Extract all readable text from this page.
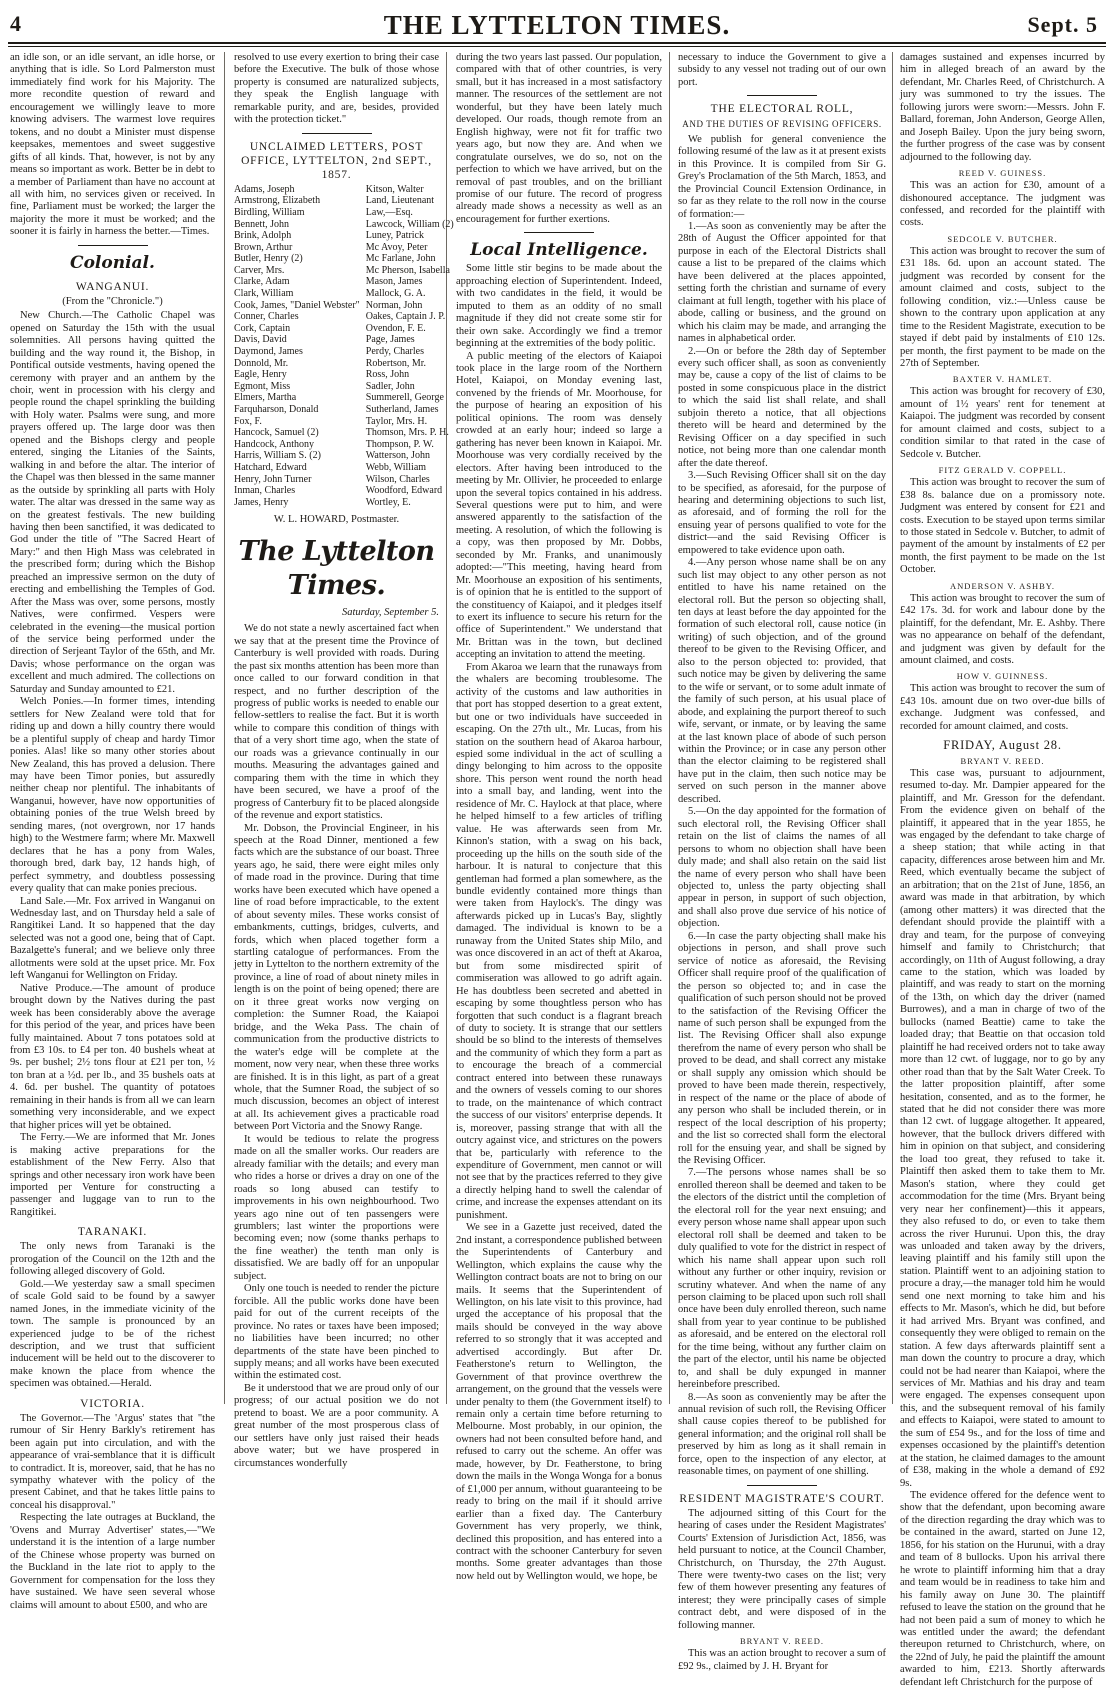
4	THE LYTTELTON TIMES.	Sept. 5

an idle son, or an idle servant, an idle horse, or anything that is idle. So Lord Palmerston must immediately find work for his Majority. The more recondite question of reward and encouragement we willingly leave to more knowing advisers. The warmest love requires tokens, and no doubt a Minister must dispense keepsakes, mementoes and sweet suggestive gifts of all kinds. That, however, is not by any means so important as work. Better be in debt to a member of Parliament than have no account at all with him, no services given or received. In fine, Parliament must be worked; the larger the majority the more it must be worked; and the sooner it is fairly in harness the better.—Times.

Colonial.
WANGANUI.
(From the "Chronicle.")

New Church.—The Catholic Chapel was opened on Saturday the 15th with the usual solemnities. All persons having quitted the building and the way round it, the Bishop, in Pontifical outside vestments, having opened the ceremony with prayer and an anthem by the choir, went in procession with his clergy and people round the chapel sprinkling the building with Holy water. Psalms were sung, and more prayers offered up. The large door was then opened and the Bishops clergy and people entered, singing the Litanies of the Saints, walking in and before the altar. The interior of the Chapel was then blessed in the same manner as the outside by sprinkling all parts with Holy water. The altar was dressed in the same way as on the greatest festivals. The new building having then been sanctified, it was dedicated to God under the title of "The Sacred Heart of Mary:" and then High Mass was celebrated in the prescribed form; during which the Bishop preached an impressive sermon on the duty of erecting and embellishing the Temples of God. After the Mass was over, some persons, mostly Natives, were confirmed. Vespers were celebrated in the evening—the musical portion of the service being performed under the direction of Serjeant Taylor of the 65th, and Mr. Davis; whose performance on the organ was excellent and much admired. The collections on Saturday and Sunday amounted to £21.

Welch Ponies.—In former times, intending settlers for New Zealand were told that for riding up and down a hilly country there would be a plentiful supply of cheap and hardy Timor ponies. Alas! like so many other stories about New Zealand, this has proved a delusion. There may have been Timor ponies, but assuredly neither cheap nor plentiful. The inhabitants of Wanganui, however, have now opportunities of obtaining ponies of the true Welsh breed by sending mares, (not overgrown, nor 17 hands high) to the Westmere farm; where Mr. Maxwell declares that he has a pony from Wales, thorough bred, dark bay, 12 hands high, of perfect symmetry, and doubtless possessing every quality that can make ponies precious.

Land Sale.—Mr. Fox arrived in Wanganui on Wednesday last, and on Thursday held a sale of Rangitikei Land. It so happened that the day selected was not a good one, being that of Capt. Bazalgette's funeral; and we believe only three allotments were sold at the upset price. Mr. Fox left Wanganui for Wellington on Friday.

Native Produce.—The amount of produce brought down by the Natives during the past week has been considerably above the average for this period of the year, and prices have been fully maintained. About 7 tons potatoes sold at from £3 10s. to £4 per ton. 40 bushels wheat at 9s. per bushel; 2½ tons flour at £21 per ton, ½ ton bran at a ½d. per lb., and 35 bushels oats at 4. 6d. per bushel. The quantity of potatoes remaining in their hands is from all we can learn something very inconsiderable, and we expect that higher prices will yet be obtained.

The Ferry.—We are informed that Mr. Jones is making active preparations for the establishment of the New Ferry. Also that springs and other necessary iron work have been imported per Venture for constructing a passenger and luggage van to run to the Rangitikei.

TARANAKI.

The only news from Taranaki is the prorogation of the Council on the 12th and the following alleged discovery of Gold.

Gold.—We yesterday saw a small specimen of scale Gold said to be found by a sawyer named Jones, in the immediate vicinity of the town. The sample is pronounced by an experienced judge to be of the richest description, and we trust that sufficient inducement will be held out to the discoverer to make known the place from whence the specimen was obtained.—Herald.

VICTORIA.

The Governor.—The 'Argus' states that "the rumour of Sir Henry Barkly's retirement has been again put into circulation, and with the appearance of vrai-semblance that it is difficult to contradict. It is, moreover, said, that he has no sympathy whatever with the policy of the present Cabinet, and that he takes little pains to conceal his disapproval."

Respecting the late outrages at Buckland, the 'Ovens and Murray Advertiser' states,—"We understand it is the intention of a large number of the Chinese whose property was burned on the Buckland in the late riot to apply to the Government for compensation for the loss they have sustained. We have seen several whose claims will amount to about £500, and who are

resolved to use every exertion to bring their case before the Executive. The bulk of those whose property is consumed are naturalized subjects, they speak the English language with remarkable purity, and are, besides, provided with the protection ticket."

UNCLAIMED LETTERS, POST OFFICE, LYTTELTON, 2nd SEPT., 1857.
Adams, Joseph	Kitson, Walter
Armstrong, Elizabeth	Land, Lieutenant
Birdling, William	Law,—Esq.
Bennett, John	Lawcock, William (2)
Brink, Adolph	Luney, Patrick
Brown, Arthur	Mc Avoy, Peter
Butler, Henry (2)	Mc Farlane, John
Carver, Mrs.	Mc Pherson, Isabella
Clarke, Adam	Mason, James
Clark, William	Mallock, G. A.
Cook, James, "Daniel Webster" Norman, John
Conner, Charles	Oakes, Captain J. P.
Cork, Captain	Ovendon, F. E.
Davis, David	Page, James
Daymond, James	Perdy, Charles
Donnold, Mr.	Robertson, Mr.
Eagle, Henry	Ross, John
Egmont, Miss	Sadler, John
Elmers, Martha	Summerell, George
Farquharson, Donald	Sutherland, James
Fox, F.	Taylor, Mrs. H.
Hancock, Samuel (2)	Thomson, Mrs. P. H.
Handcock, Anthony	Thompson, P. W.
Harris, William S. (2)	Watterson, John
Hatchard, Edward	Webb, William
Henry, John Turner	Wilson, Charles
Inman, Charles	Woodford, Edward
James, Henry	Wortley, E.
W. L. HOWARD, Postmaster.
The Lyttelton Times.
Saturday, September 5.

We do not state a newly ascertained fact when we say that at the present time the Province of Canterbury is well provided with roads. During the past six months attention has been more than once called to our forward condition in that respect, and no further description of the progress of public works is needed to enable our fellow-settlers to realise the fact. But it is worth while to compare this condition of things with that of a very short time ago, when the state of our roads was a grievance continually in our mouths. Measuring the advantages gained and comparing them with the time in which they have been secured, we have a proof of the progress of Canterbury fit to be placed alongside of the revenue and export statistics.

Mr. Dobson, the Provincial Engineer, in his speech at the Road Dinner, mentioned a few facts which are the substance of our boast. Three years ago, he said, there were eight miles only of made road in the province. During that time works have been executed which have opened a line of road before impracticable, to the extent of about seventy miles. These works consist of embankments, cuttings, bridges, culverts, and fords, which when placed together form a startling catalogue of performances. From the jetty in Lyttelton to the northern extremity of the province, a line of road of about ninety miles in length is on the point of being opened; there are on it three great works now verging on completion: the Sumner Road, the Kaiapoi bridge, and the Weka Pass. The chain of communication from the productive districts to the water's edge will be complete at the moment, now very near, when these three works are finished. It is in this light, as part of a great whole, that the Sumner Road, the subject of so much discussion, becomes an object of interest at all. Its achievement gives a practicable road between Port Victoria and the Snowy Range.

It would be tedious to relate the progress made on all the smaller works. Our readers are already familiar with the details; and every man who rides a horse or drives a dray on one of the roads so long abused can testify to improvements in his own neighbourhood. Two years ago nine out of ten passengers were grumblers; last winter the proportions were becoming even; now (some thanks perhaps to the fine weather) the tenth man only is dissatisfied. We are badly off for an unpopular subject.

Only one touch is needed to render the picture forcible. All the public works done have been paid for out of the current receipts of the province. No rates or taxes have been imposed; no liabilities have been incurred; no other departments of the state have been pinched to supply means; and all works have been executed within the estimated cost.

Be it understood that we are proud only of our progress; of our actual position we do not pretend to boast. We are a poor community. A great number of the most prosperous class of our settlers have only just raised their heads above water; but we have prospered in circumstances wonderfully

during the two years last passed. Our population, compared with that of other countries, is very small, but it has increased in a most satisfactory manner. The resources of the settlement are not wonderful, but they have been lately much developed. Our roads, though remote from an English highway, were not fit for traffic two years ago, but now they are. And when we congratulate ourselves, we do so, not on the perfection to which we have arrived, but on the removal of past troubles, and on the brilliant promise of our future. The record of progress already made shows a necessity as well as an encouragement for further exertions.

Local Intelligence.

Some little stir begins to be made about the approaching election of Superintendent. Indeed, with two candidates in the field, it would be imputed to them as an oddity of no small magnitude if they did not create some stir for their own sake. Accordingly we find a tremor beginning at the extremities of the body politic.

A public meeting of the electors of Kaiapoi took place in the large room of the Northern Hotel, Kaiapoi, on Monday evening last, convened by the friends of Mr. Moorhouse, for the purpose of hearing an exposition of his political opinions. The room was densely crowded at an early hour; indeed so large a gathering has never been known in Kaiapoi. Mr. Moorhouse was very cordially received by the electors. After having been introduced to the meeting by Mr. Ollivier, he proceeded to enlarge upon the several topics contained in his address. Several questions were put to him, and were answered apparently to the satisfaction of the meeting. A resolution, of which the following is a copy, was then proposed by Mr. Dobbs, seconded by Mr. Franks, and unanimously adopted:—"This meeting, having heard from Mr. Moorhouse an exposition of his sentiments, is of opinion that he is entitled to the support of the constituency of Kaiapoi, and it pledges itself to exert its influence to secure his return for the office of Superintendent." We understand that Mr. Brittan was in the town, but declined accepting an invitation to attend the meeting.

From Akaroa we learn that the runaways from the whalers are becoming troublesome. The activity of the customs and law authorities in that port has stopped desertion to a great extent, but one or two individuals have succeeded in escaping. On the 27th ult., Mr. Lucas, from his station on the southern head of Akaroa harbour, espied some individual in the act of sculling a dingy belonging to him across to the opposite shore. This person went round the north head into a small bay, and landing, went into the residence of Mr. C. Haylock at that place, where he helped himself to a few articles of trifling value. He was afterwards seen from Mr. Kinnon's station, with a swag on his back, proceeding up the hills on the south side of the harbour. It is natural to conjecture that this gentleman had formed a plan somewhere, as the bundle evidently contained more things than were taken from Haylock's. The dingy was afterwards picked up in Lucas's Bay, slightly damaged. The individual is known to be a runaway from the United States ship Milo, and was once discovered in an act of theft at Akaroa, but from some misdirected spirit of commiseration was allowed to go adrift again. He has doubtless been secreted and abetted in escaping by some thoughtless person who has forgotten that such conduct is a flagrant breach of duty to society. It is strange that our settlers should be so blind to the interests of themselves and the community of which they form a part as to encourage the breach of a commercial contract entered into between these runaways and the owners of vessels coming to our shores to trade, on the maintenance of which contract the success of our visitors' enterprise depends. It is, moreover, passing strange that with all the outcry against vice, and strictures on the powers that be, particularly with reference to the expenditure of Government, men cannot or will not see that by the practices referred to they give a directly helping hand to swell the calendar of crime, and increase the expenses attendant on its punishment.

We see in a Gazette just received, dated the 2nd instant, a correspondence published between the Superintendents of Canterbury and Wellington, which explains the cause why the Wellington contract boats are not to bring on our mails. It seems that the Superintendent of Wellington, on his late visit to this province, had urged the acceptance of his proposal that the mails should be conveyed in the way above referred to so strongly that it was accepted and advertised accordingly. But after Dr. Featherstone's return to Wellington, the Government of that province overthrew the arrangement, on the ground that the vessels were under penalty to them (the Government itself) to remain only a certain time before returning to Melbourne. Most probably, in our opinion, the owners had not been consulted before hand, and refused to carry out the scheme. An offer was made, however, by Dr. Featherstone, to bring down the mails in the Wonga Wonga for a bonus of £1,000 per annum, without guaranteeing to be ready to bring on the mail if it should arrive earlier than a fixed day. The Canterbury Government has very properly, we think, declined this proposition, and has entered into a contract with the schooner Canterbury for seven months. Some greater advantages than those now held out by Wellington would, we hope, be

necessary to induce the Government to give a subsidy to any vessel not trading out of our own port.

THE ELECTORAL ROLL,
AND THE DUTIES OF REVISING OFFICERS.

We publish for general convenience the following resumé of the law as it at present exists in this Province. It is compiled from Sir G. Grey's Proclamation of the 5th March, 1853, and the Provincial Council Extension Ordinance, in so far as they relate to the roll now in the course of formation:—

1.—As soon as conveniently may be after the 28th of August the Officer appointed for that purpose in each of the Electoral Districts shall cause a list to be prepared of the claims which have been delivered at the places appointed, setting forth the christian and surname of every claimant at full length, together with his place of abode, calling or business, and the ground on which his claim may be made, and arranging the names in alphabetical order.

2.—On or before the 28th day of September every such officer shall, as soon as conveniently may be, cause a copy of the list of claims to be posted in some conspicuous place in the district to which the said list shall relate, and shall subjoin thereto a notice, that all objections thereto will be heard and determined by the Revising Officer on a day specified in such notice, not being more than one calendar month after the date thereof.

3.—Such Revising Officer shall sit on the day to be specified, as aforesaid, for the purpose of hearing and determining objections to such list, as aforesaid, and of forming the roll for the ensuing year of persons qualified to vote for the district—and the said Revising Officer is empowered to take evidence upon oath.

4.—Any person whose name shall be on any such list may object to any other person as not entitled to have his name retained on the electoral roll. But the person so objecting shall, ten days at least before the day appointed for the formation of such electoral roll, cause notice (in writing) of such objection, and of the ground thereof to be given to the Revising Officer, and also to the person objected to: provided, that such notice may be given by delivering the same to the wife or servant, or to some adult inmate of the family of such person, at his usual place of abode, and explaining the purport thereof to such wife, servant, or inmate, or by leaving the same at the last known place of abode of such person within the Province; or in case any person other than the elector claiming to be registered shall have put in the claim, then such notice may be served on such person in the manner above described.

5.—On the day appointed for the formation of such electoral roll, the Revising Officer shall retain on the list of claims the names of all persons to whom no objection shall have been duly made; and shall also retain on the said list the name of every person who shall have been objected to, unless the party objecting shall appear in person, in support of such objection, and shall also prove due service of his notice of objection.

6.—In case the party objecting shall make his objections in person, and shall prove such service of notice as aforesaid, the Revising Officer shall require proof of the qualification of the person so objected to; and in case the qualification of such person should not be proved to the satisfaction of the Revising Officer the name of such person shall be expunged from the list. The Revising Officer shall also expunge therefrom the name of every person who shall be proved to be dead, and shall correct any mistake or shall supply any omission which should be proved to have been made therein, respectively, in respect of the name or the place of abode of any person who shall be included therein, or in respect of the local description of his property; and the list so corrected shall form the electoral roll for the ensuing year, and shall be signed by the Revising Officer.

7.—The persons whose names shall be so enrolled thereon shall be deemed and taken to be the electors of the district until the completion of the electoral roll for the year next ensuing; and every person whose name shall appear upon such electoral roll shall be deemed and taken to be duly qualified to vote for the district in respect of which his name shall appear upon such roll without any further or other inquiry, revision or scrutiny whatever. And when the name of any person claiming to be placed upon such roll shall once have been duly enrolled thereon, such name shall from year to year continue to be published as aforesaid, and be entered on the electoral roll for the time being, without any further claim on the part of the elector, until his name be objected to, and shall be duly expunged in manner hereinbefore prescribed.

8.—As soon as conveniently may be after the annual revision of such roll, the Revising Officer shall cause copies thereof to be published for general information; and the original roll shall be preserved by him as long as it shall remain in force, open to the inspection of any elector, at reasonable times, on payment of one shilling.

RESIDENT MAGISTRATE'S COURT.

The adjourned sitting of this Court for the hearing of cases under the Resident Magistrates' Courts' Extension of Jurisdiction Act, 1856, was held pursuant to notice, at the Council Chamber, Christchurch, on Thursday, the 27th August. There were twenty-two cases on the list; very few of them however presenting any features of interest; they were principally cases of simple contract debt, and were disposed of in the following manner.

BRYANT V. REED.

This was an action brought to recover a sum of £92 9s., claimed by J. H. Bryant for

damages sustained and expenses incurred by him in alleged breach of an award by the defendant, Mr. Charles Reed, of Christchurch. A jury was summoned to try the issues. The following jurors were sworn:—Messrs. John F. Ballard, foreman, John Anderson, George Allen, and Joseph Bailey. Upon the jury being sworn, the further progress of the case was by consent adjourned to the following day.

REED V. GUINESS.

This was an action for £30, amount of a dishonoured acceptance. The judgment was confessed, and recorded for the plaintiff with costs.

SEDCOLE V. BUTCHER.

This action was brought to recover the sum of £31 18s. 6d. upon an account stated. The judgment was recorded by consent for the amount claimed and costs, subject to the following condition, viz.:—Unless cause be shown to the contrary upon application at any time to the Resident Magistrate, execution to be stayed if debt paid by instalments of £10 12s. per month, the first payment to be made on the 27th of September.

BAXTER V. HAMLET.

This action was brought for recovery of £30, amount of 1½ years' rent for tenement at Kaiapoi. The judgment was recorded by consent for amount claimed and costs, subject to a condition similar to that rated in the case of Sedcole v. Butcher.

FITZ GERALD V. COPPELL.

This action was brought to recover the sum of £38 8s. balance due on a promissory note. Judgment was entered by consent for £21 and costs. Execution to be stayed upon terms similar to those stated in Sedcole v. Butcher, to admit of payment of the amount by instalments of £2 per month, the first payment to be made on the 1st October.

ANDERSON V. ASHBY.

This action was brought to recover the sum of £42 17s. 3d. for work and labour done by the plaintiff, for the defendant, Mr. E. Ashby. There was no appearance on behalf of the defendant, and judgment was given by default for the amount claimed, and costs.

HOW V. GUINNESS.

This action was brought to recover the sum of £43 10s. amount due on two over-due bills of exchange. Judgment was confessed, and recorded for amount claimed, and costs.

FRIDAY, August 28.
BRYANT V. REED.

This case was, pursuant to adjournment, resumed to-day. Mr. Dampier appeared for the plaintiff, and Mr. Gresson for the defendant. From the evidence given on behalf of the plaintiff, it appeared that in the year 1855, he was engaged by the defendant to take charge of a sheep station; that while acting in that capacity, differences arose between him and Mr. Reed, which eventually became the subject of an arbitration; that on the 21st of June, 1856, an award was made in that arbitration, by which (among other matters) it was directed that the defendant should provide the plaintiff with a dray and team, for the purpose of conveying himself and family to Christchurch; that accordingly, on 11th of August following, a dray came to the station, which was loaded by plaintiff, and was ready to start on the morning of the 13th, on which day the driver (named Burrowes), and a man in charge of two of the bullocks (named Beattie) came to take the loaded dray; that Beattie on that occasion told plaintiff he had received orders not to take away more than 12 cwt. of luggage, nor to go by any other road than that by the Salt Water Creek. To the latter proposition plaintiff, after some hesitation, consented, and as to the former, he stated that he did not consider there was more than 12 cwt. of luggage altogether. It appeared, however, that the bullock drivers differed with him in opinion on that subject, and considering the load too great, they refused to take it. Plaintiff then asked them to take them to Mr. Mason's station, where they could get accommodation for the time (Mrs. Bryant being very near her confinement)—this it appears, they also refused to do, or even to take them across the river Hurunui. Upon this, the dray was unloaded and taken away by the drivers, leaving plaintiff and his family still upon the station. Plaintiff went to an adjoining station to procure a dray,—the manager told him he would send one next morning to take him and his effects to Mr. Mason's, which he did, but before it had arrived Mrs. Bryant was confined, and consequently they were obliged to remain on the station. A few days afterwards plaintiff sent a man down the country to procure a dray, which could not be had nearer than Kaiapoi, where the services of Mr. Mathias and his dray and team were engaged. The expenses consequent upon this, and the subsequent removal of his family and effects to Kaiapoi, were stated to amount to the sum of £54 9s., and for the loss of time and expenses occasioned by the plaintiff's detention at the station, he claimed damages to the amount of £38, making in the whole a demand of £92 9s.

The evidence offered for the defence went to show that the defendant, upon becoming aware of the direction regarding the dray which was to be contained in the award, started on June 12, 1856, for his station on the Hurunui, with a dray and team of 8 bullocks. Upon his arrival there he wrote to plaintiff informing him that a dray and team would be in readiness to take him and his family away on June 30. The plaintiff refused to leave the station on the ground that he had not been paid a sum of money to which he was entitled under the award; the defendant thereupon returned to Christchurch, where, on the 22nd of July, he paid the plaintiff the amount awarded to him, £213. Shortly afterwards defendant left Christchurch for the purpose of
